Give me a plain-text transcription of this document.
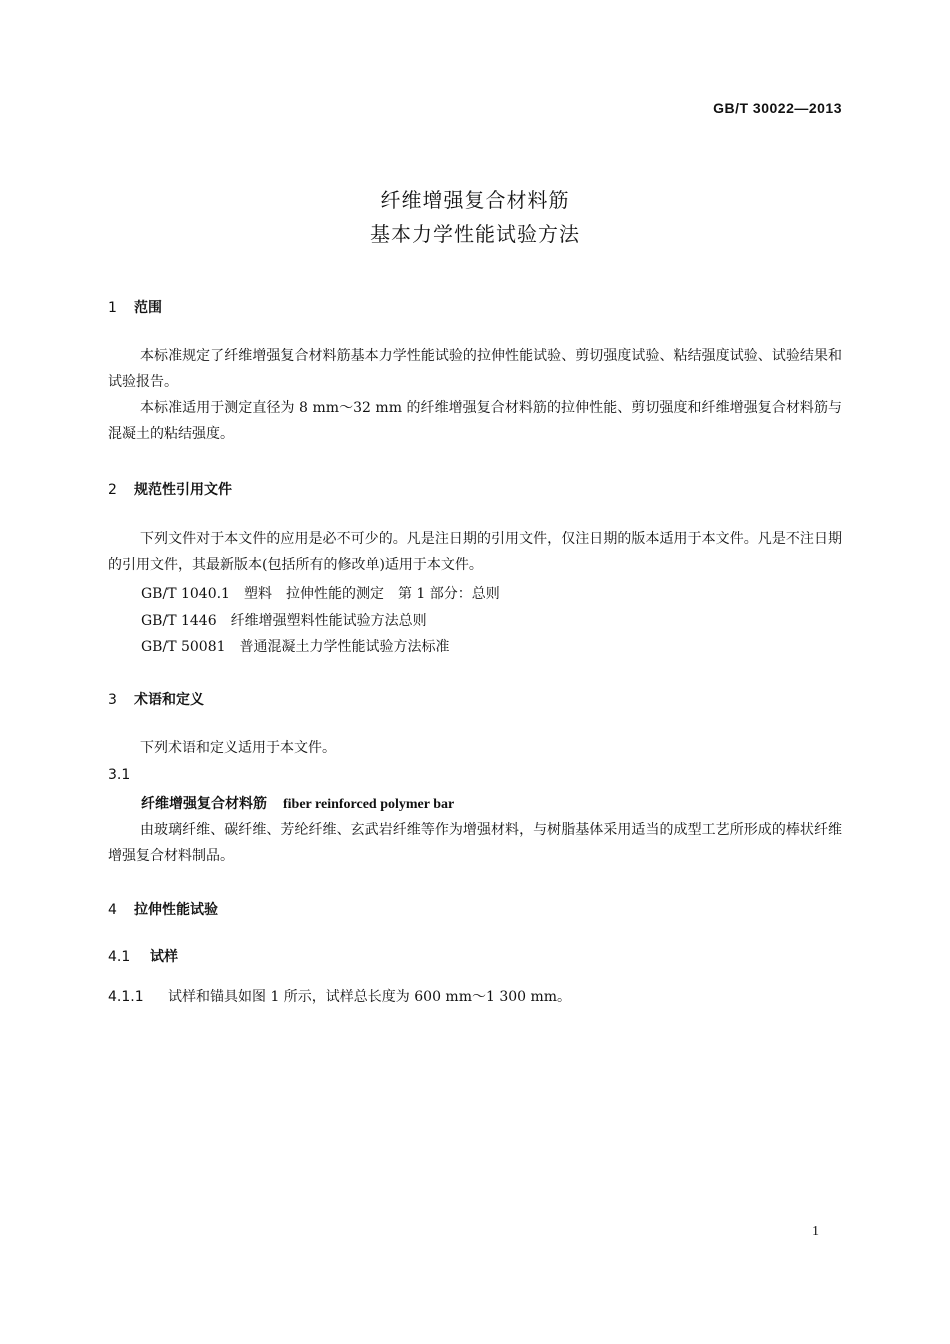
GB/T 30022—2013
纤维增强复合材料筋
基本力学性能试验方法
1 范围
本标准规定了纤维增强复合材料筋基本力学性能试验的拉伸性能试验、剪切强度试验、粘结强度试验、试验结果和试验报告。
本标准适用于测定直径为 8 mm～32 mm 的纤维增强复合材料筋的拉伸性能、剪切强度和纤维增强复合材料筋与混凝土的粘结强度。
2 规范性引用文件
下列文件对于本文件的应用是必不可少的。凡是注日期的引用文件，仅注日期的版本适用于本文件。凡是不注日期的引用文件，其最新版本(包括所有的修改单)适用于本文件。
GB/T 1040.1 塑料　拉伸性能的测定　第 1 部分：总则
GB/T 1446 纤维增强塑料性能试验方法总则
GB/T 50081 普通混凝土力学性能试验方法标准
3 术语和定义
下列术语和定义适用于本文件。
3.1
纤维增强复合材料筋 fiber reinforced polymer bar
由玻璃纤维、碳纤维、芳纶纤维、玄武岩纤维等作为增强材料，与树脂基体采用适当的成型工艺所形成的棒状纤维增强复合材料制品。
4 拉伸性能试验
4.1 试样
4.1.1 试样和锚具如图 1 所示，试样总长度为 600 mm～1 300 mm。
1
